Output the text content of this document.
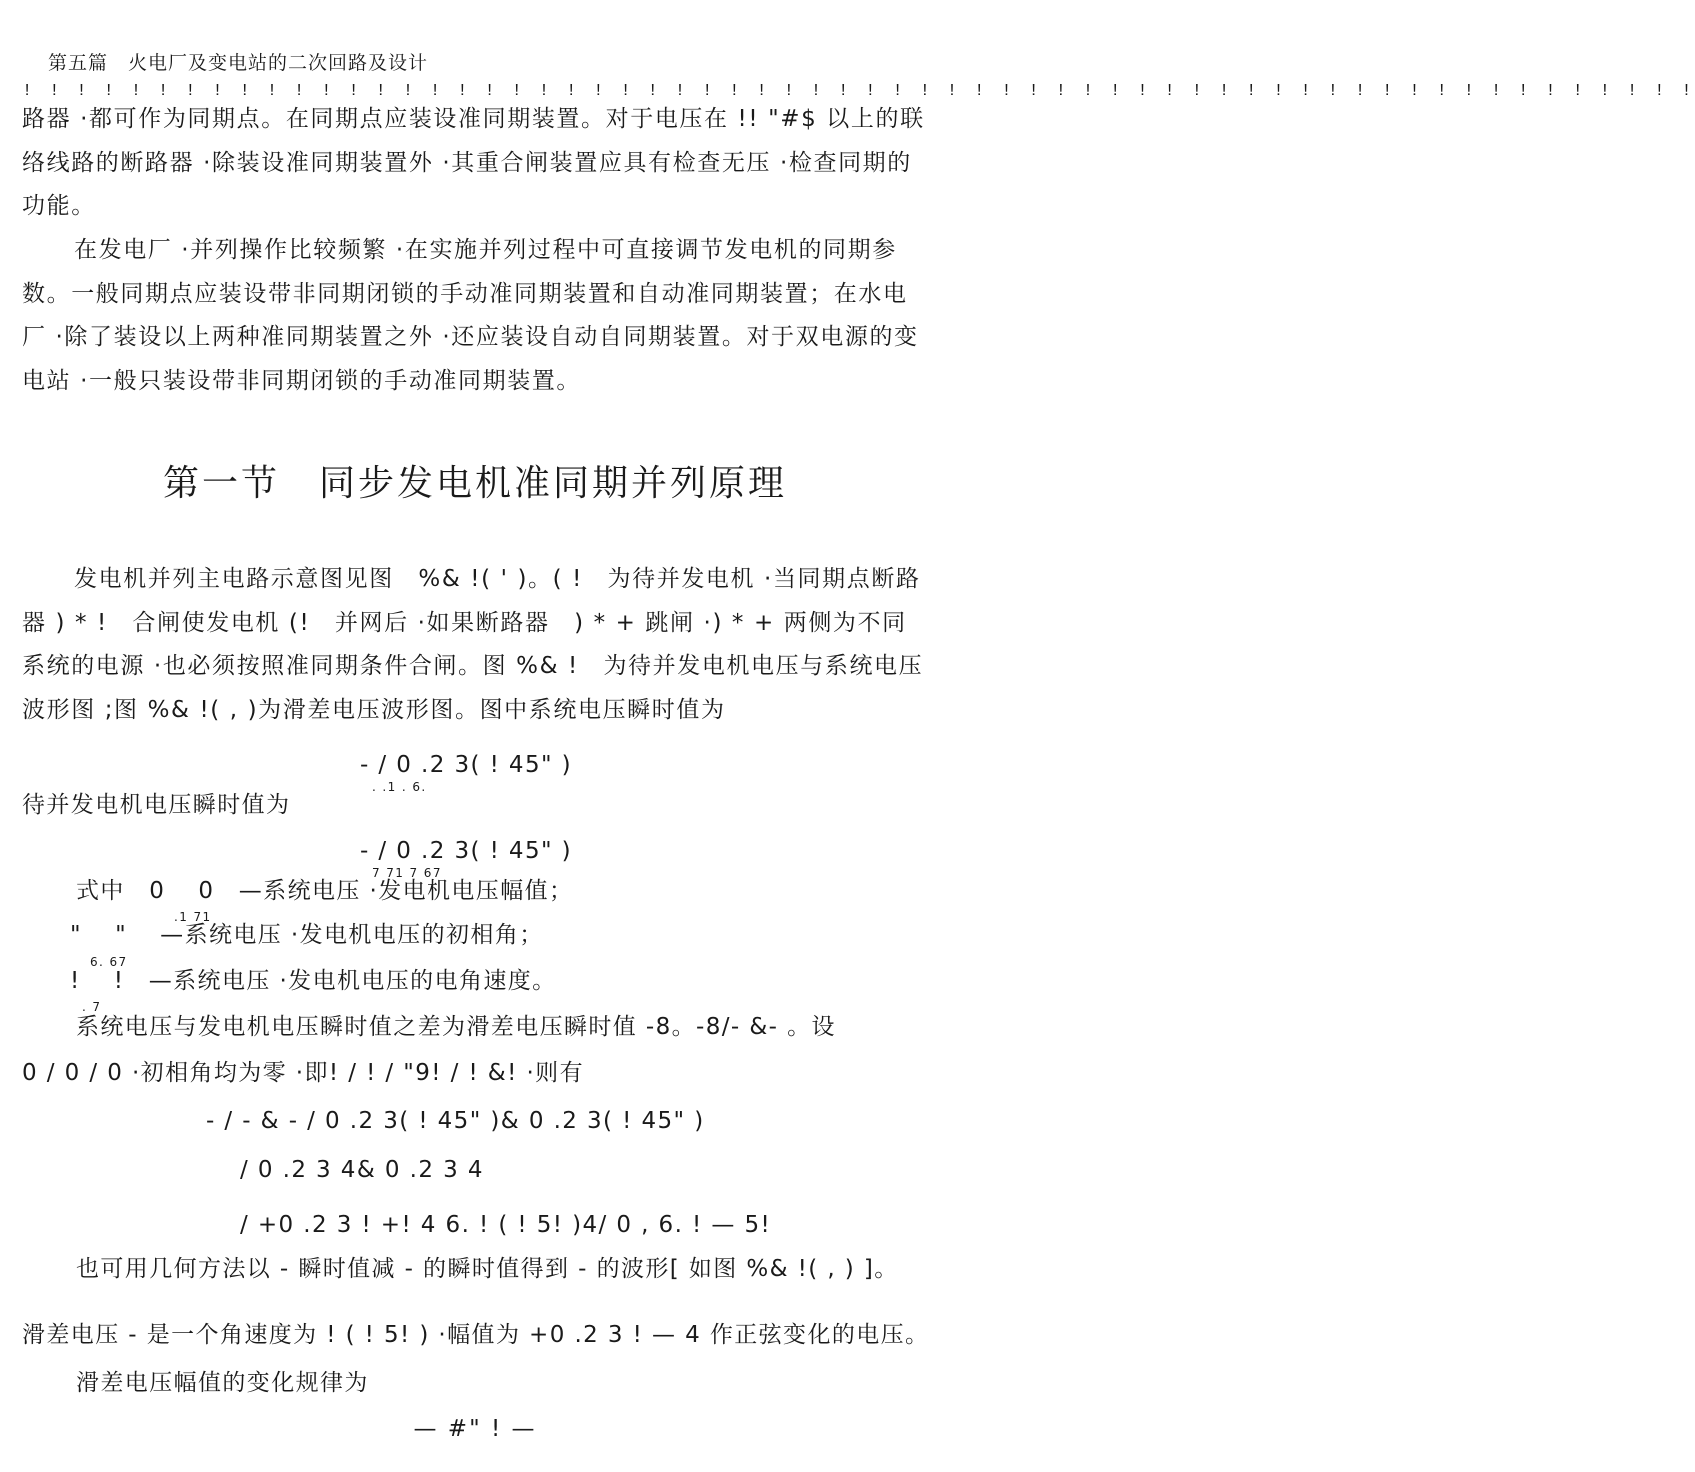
第五篇　火电厂及变电站的二次回路及设计
! ! ! ! ! ! ! ! ! ! ! ! ! ! ! ! ! ! ! ! ! ! ! ! ! ! ! ! ! ! ! ! ! ! ! ! ! ! ! ! ! ! ! ! ! ! ! ! ! ! ! ! ! ! ! ! ! ! ! ! ! !
路器 ·都可作为同期点。在同期点应装设准同期装置。对于电压在 !! "#$ 以上的联络线路的断路器 ·除装设准同期装置外 ·其重合闸装置应具有检查无压 ·检查同期的功能。
在发电厂 ·并列操作比较频繁 ·在实施并列过程中可直接调节发电机的同期参数。一般同期点应装设带非同期闭锁的手动准同期装置和自动准同期装置；在水电厂 ·除了装设以上两种准同期装置之外 ·还应装设自动自同期装置。对于双电源的变电站 ·一般只装设带非同期闭锁的手动准同期装置。
第一节　同步发电机准同期并列原理
发电机并列主电路示意图见图　%& !( ' )。( !　为待并发电机 ·当同期点断路器 ) * !　合闸使发电机 (!　并网后 ·如果断路器　) * + 跳闸 ·) * + 两侧为不同系统的电源 ·也必须按照准同期条件合闸。图 %& !　为待并发电机电压与系统电压波形图 ;图 %& !( , )为滑差电压波形图。图中系统电压瞬时值为
- / 0 .2 3( ! 45" )
. .1 . 6.
待并发电机电压瞬时值为
- / 0 .2 3( ! 45" )
7 71 7 67
式中　0　 0　—系统电压 ·发电机电压幅值；
.1 71
"　 "　 —系统电压 ·发电机电压的初相角；
6. 67
!　 !　—系统电压 ·发电机电压的电角速度。
. 7
系统电压与发电机电压瞬时值之差为滑差电压瞬时值 -8。-8/- &- 。设
0 / 0 / 0 ·初相角均为零 ·即! / ! / "9! / ! &! ·则有
- / - & - / 0 .2 3( ! 45" )& 0 .2 3( ! 45" )
/ 0 .2 3 4& 0 .2 3 4
/ +0 .2 3 ! +! 4 6. ! ( ! 5! )4/ 0 , 6. ! — 5!
也可用几何方法以 - 瞬时值减 - 的瞬时值得到 - 的波形[ 如图 %& !( , ) ]。
滑差电压 - 是一个角速度为 ! ( ! 5! ) ·幅值为 +0 .2 3 ! — 4 作正弦变化的电压。
滑差电压幅值的变化规律为
— #" ! —
